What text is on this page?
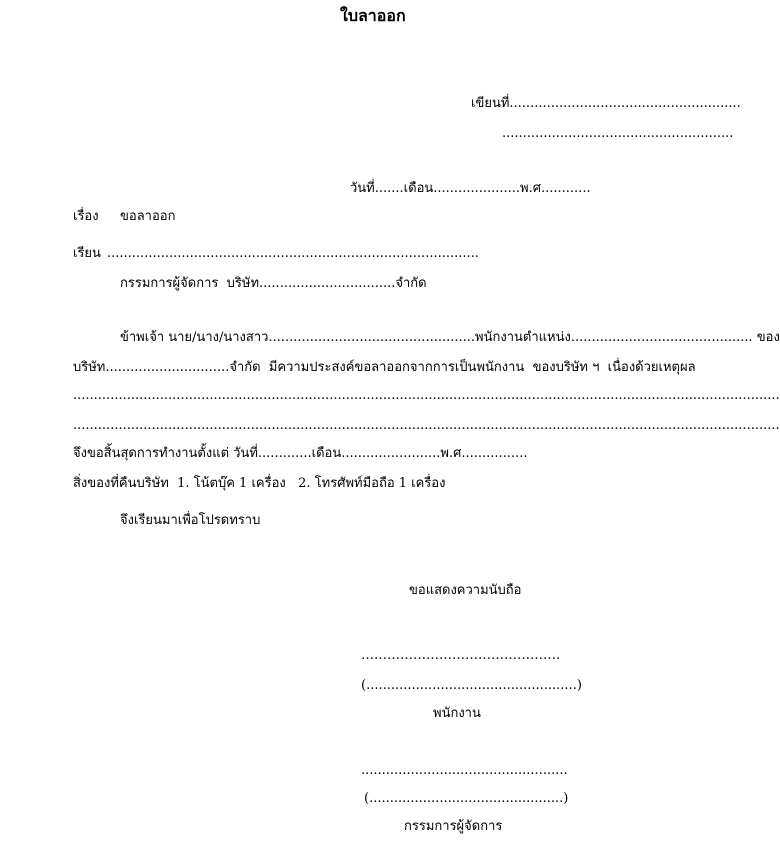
ใบลาออก
เขียนที่........................................................
........................................................
วันที่.......เดือน.....................พ.ศ............
เรื่อง ขอลาออก
เรียน ..........................................................................................
กรรมการผู้จัดการ  บริษัท.................................จำกัด
ข้าพเจ้า นาย/นาง/นางสาว..................................................พนักงานตำแหน่ง............................................ ของ
บริษัท..............................จำกัด  มีความประสงค์ขอลาออกจากการเป็นพนักงาน  ของบริษัท ฯ  เนื่องด้วยเหตุผล
...........................................................................................................................................................................
...........................................................................................................................................................................
จึงขอสิ้นสุดการทำงานตั้งแต่ วันที่.............เดือน........................พ.ศ................
สิ่งของที่คืนบริษัท  1. โน้ตบุ๊ค 1 เครื่อง   2. โทรศัพท์มือถือ 1 เครื่อง
จึงเรียนมาเพื่อโปรดทราบ
ขอแสดงความนับถือ
……………………………………….
(...................................................)
พนักงาน
..................................................
(...............................................)
กรรมการผู้จัดการ
